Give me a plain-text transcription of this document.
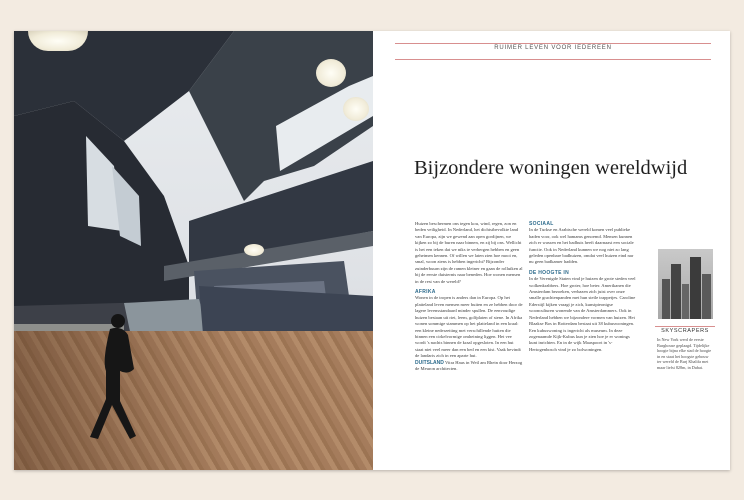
RUIMER LEVEN VOOR IEDEREEN
Bijzondere woningen wereldwijd

Huizen beschermen ons tegen kou, wind, regen, zon en beden veiligheid. In Nederland, het dichtstbevolkte land van Europa, zijn we gewend aan open gordijnen, we kijken zo bij de buren naar binnen, en zij bij ons. Wellicht is het een teken dat we niks te verbergen hebben en geen geheimen kennen. Of willen we laten zien hoe mooi en, smal, woon ziens is hebben ingericht? Bijzonder zuinderbuurn zijn de ramen kleiner en gaan de rolluiken al bij de eerste duisternis naar beneden. Hoe wonen mensen in de rest van de wereld?

AFRIKA

Wonen in de tropen is anders dan in Europa. Op het platteland leven mensen meer buiten en ze hebben door de lagere levensstandaard minder spullen. De eenvoudige huizen bestaan uit riet, leem, golfplaten of stene. In Afrika wonen sommige stammen op het platteland in een kraal: een kleine nederzetting met verschillende hutten die binnen een cirkelvormige omheining liggen. Het vee wordt 's nachts binnen de kraal opgesloten. In een hut staat niet veel meer dan een bed en een kist. Vaak bevindt de landaris zich in een aparte hut.

DUITSLAND Vitra Haus in Weil am Rhein door Herzog de Meuron architecten.

SOCIAAL

In de Turkse en Arabische wereld komen veel publieke baden voor, ook wel hamams genoemd. Mensen kunnen zich er wassen en het badhuis heeft daarnaast een sociale functie. Ook in Nederland kunnen we nog niet zo lang geleden openbare badhuizen, omdat veel huizen eind nar nu geen badkamer hadden.

DE HOOGTE IN

In de Verenigde Staten vind je huizen de grote steden veel wolkenkrabbers. Hoe groter, hoe beter. Amerikanen die Amsterdam bezoeken, verbazen zich juist over onze smalle grachtenpanden met hun steile trappetjes. Caroline Ederstijl kijken vraagt je zich, kunstpieonigse woonculturen wonende van de Amsterdammers. Ook in Nederland hebben we bijzondere vormen van huizen. Het Blaakse Bos in Rotterdam bestaat uit 38 kubuswoningen. Een kubuswoning is ingericht als museum. In deze zogenaamde Kijk-Kubus kun je zien hoe je er wonings kunt inrichten. En in de wijk Maaspoort in 's-Hertogenbosch vind je zo bolwoningen.

SKYSCRAPERS
In New York werd de eerste Burghouse geplaagd. Tijdelijke hoogte bijna elke stad de hoogte in en staat het hoogste gebouw ter wereld de Burj Khalifa met maar liefst 828m, in Dubai.
